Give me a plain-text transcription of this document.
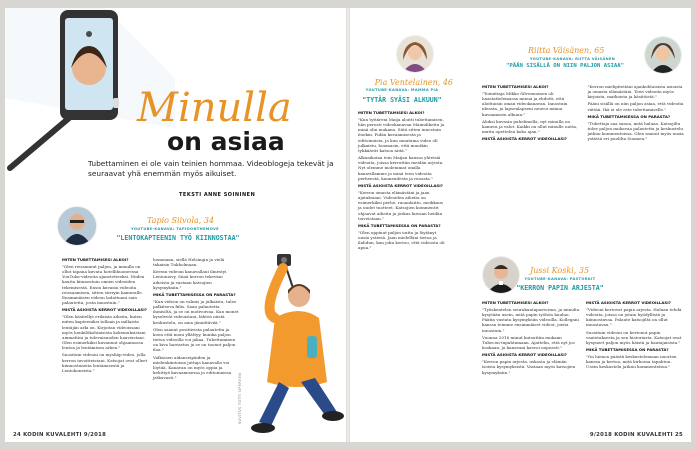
Minulla
on asiaa
Tubettaminen ei ole vain teinien hommaa. Videoblogeja tekevät ja seuraavat yhä enemmän myös aikuiset.
TEKSTI ANNE SOININEN
Tapio Siivola, 34
YOUTUBE-KANAVA: TAPIOONTHEMOVE
"LENTOKAPTEENIN TYÖ KIINNOSTAA"

MITEN TUBETTAMISESI ALKOI?

"Olen reissannut paljon, ja minulla on ollut tapana kuvata hotellihuoneessa YouTube-videoita ajanvietteeksi. Niiden kautta kiinnostuin omien videoiden tekemisestä. Ensin kuvasin videoita reissaamisen, sitten siirryin kameralle. Ensimmäisen videon ladattuani sain palautetta, josta innostuin."

MISTÄ ASIOISTA KERROT VIDEOILLASI?

"Olen käsitellyt erilaisia aiheita, kuten miten kapteeniksi tullaan ja millaista lentäjän arki on. Kirjoitan videoissani myös henkilökohtaisista kokemuksistani ammattini ja tulevaisuuden haaveistani. Olen esimerkiksi kuvannut ohjaamossa lentoa ja lentämisen arkea."

Suosituin videoni on mysliäp-video, jolla kerron tavoitteistani. Katsojat ovat olleet kiinnostuneita lentämisestä ja Lentokoneista."

hommaan, siellä Helsingin ja vielä takaisin Tukholmaan.

Kerran videoni kanavallani ilmestyi Lentoniovy. Siinä kerron tekeväni aiheista ja vastaan katsojien kysymyksiin."

MIKÄ TUBETTAMISESSA ON PARASTA?

"Kun videon on valmis ja julkaistu, tulee palkitseva fiilis. Saan palautetta ihmisiltä, ja se on motivoivaa. Kun monet kyselevät videoistani, lähteä niistä keskustelu, on aina jännittävää."

Olen saanut positiivista palautetta ja koen että moni yllättyy, kuinka paljon tietoa videoilla voi jakaa. Tubettaminen on kiva harrastus ja se on tuonut paljon iloa."

Valkoisen aidanseipäiden ja mielenkiintoisia juttuja kanavalla voi löytää. Kanavan on myös oppia ja kehittyä kuvaamisessa ja editoinnissa jatkuvasti."	KUVITUS TOTTI OPEREEN
24 KODIN KUVALEHTI 9/2018
Pia Ventelainen, 46
YOUTUBE-KANAVA: MAMMA PIA
"TYTÄR SYÄSI ALKUUN"
Riitta Väisänen, 65
YOUTUBE-KANAVA: RIITTA VÄISÄNEN
"PÄÄN SISÄLLÄ ON NIIN PALJON ASIAA"

MITEN TUBETTAMISESI ALKOI?

"Kun tyttäreni Maija aloitti tubettamisen, hän perusti videokanavan Mamuliketta ja minä olin mukana. Siitä sitten innostuin itsekin. Pidän kuvaamisesta ja editoinnista, ja kun muutama video oli julkaistu, huomasin, että muutkin tykkäävät katsoa niitä."

Alkuaikoina tein Maijan kanssa yhteisiä videoita, joissa kerrottiin meidän arjesta. Nyt olemme molemmat omilla kanavillamme ja minä teen videoita perheestä, kauneudesta ja ruoasta."

MISTÄ ASIOISTA KERROT VIDEOILLASI?

"Kerron omasta elämästäni ja jaan ajatuksiani. Videoiden aiheita on esimerkiksi perhe, ruoanlaitto, meikkaus ja uudet tuotteet. Katsojien kommentit ohjaavat aiheita ja joskus kuvaan heidän toiveistaan."

MIKÄ TUBETTAMISESSA ON PARASTA?

"Olen oppinut paljon uutta ja löytänyt uusia ystäviä. Jaan mielelläni tietoa ja ilahdun, kun joku kertoo, että videosta oli apua."

MITEN TUBETTAMISESI ALKOI?

"Toimittaja Mikko Silvennoinen oli haastattelemassa minua ja ehdotti, että aloittaisin oman videokanavan. Innostuin ideasta, ja lapsenlapseni neuvoi minua kuvaamisen alkuun."

Aluksi kuvasin puhelimella, nyt minulla on kamera ja valot. Kaikki on ollut minulle uutta, mutta opettelen koko ajan."

MISTÄ ASIOISTA KERROT VIDEOILLASI?

"Kerron mielipiteitäni ajankohtaisista asioista ja omasta elämästäni. Teen videoita myös kirjoista, matkoista ja käsitöistä."

Pääni sisällä on niin paljon asiaa, että videoita riittää. Ikä ei ole este tubettamiselle."

MIKÄ TUBETTAMISESSA ON PARASTA?

"Tubettaja saa sanoa, mitä haluaa. Katsojilta tulee paljon mukavaa palautetta ja keskustelu jatkuu kommenteissa. Olen saanut myös uusia ystäviä eri puolilta Suomea."

Jussi Koski, 35
YOUTUBE-KANAVA: PASTORKIT
"KERRON PAPIN ARJESTA"

MITEN TUBETTAMISESI ALKOI?

"Työskentelen seurakuntapastorina, ja minulta kysytään usein, mitä papin työhön kuuluu. Päätin vastata kysymyksiin videoilla. Kollegani kanssa teimme ensimmäiset videot, joista innostuin."

Vuonna 2016 minut kutsuttiin mukaan Tubecon-tapahtumaan. Ajattelin, että nyt jos koskaan, ja kanavani kasvoi nopeasti."

MISTÄ ASIOISTA KERROT VIDEOILLASI?

"Kerron papin arjesta, uskosta ja elämän isoista kysymyksistä. Vastaan myös katsojien kysymyksiin."

MISTÄ ASIOISTA KERROT VIDEOILLASI?

"Videoni kertovat papin arjesta. Haluan tehdä videoita, joissa on jotain hyödyllistä ja kiinnostavaa. Palaute katsojilta on ollut innostavaa."

Suosituin videoni on kertonut papin vaatetuksesta ja sen historiasta. Katsojat ovat kysyneet paljon myös häistä ja hautajaisista."

MIKÄ TUBETTAMISESSA ON PARASTA?

"On hienoa päästä keskustelemaan nuorten kanssa ja kertoa, mitä kirkossa tapahtuu. Usein keskustelu jatkuu kommenteissa."

9/2018 KODIN KUVALEHTI 25
